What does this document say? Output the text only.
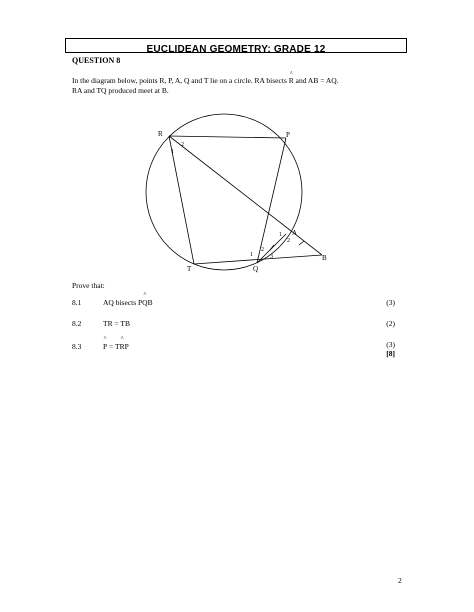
EUCLIDEAN GEOMETRY: GRADE 12
QUESTION 8
In the diagram below, points R, P, A, Q and T lie on a circle. RA bisects ^ R and AB = AQ.
RA and TQ produced meet at B.
R	P
A
Q
T
B
1
2
1
2
1
2
3
Prove that:
8.1	AQ bisects P^ QB	(3)
8.2	TR = TB	(2)
8.3	^ P = T^ RP	(3)
[8]
2
